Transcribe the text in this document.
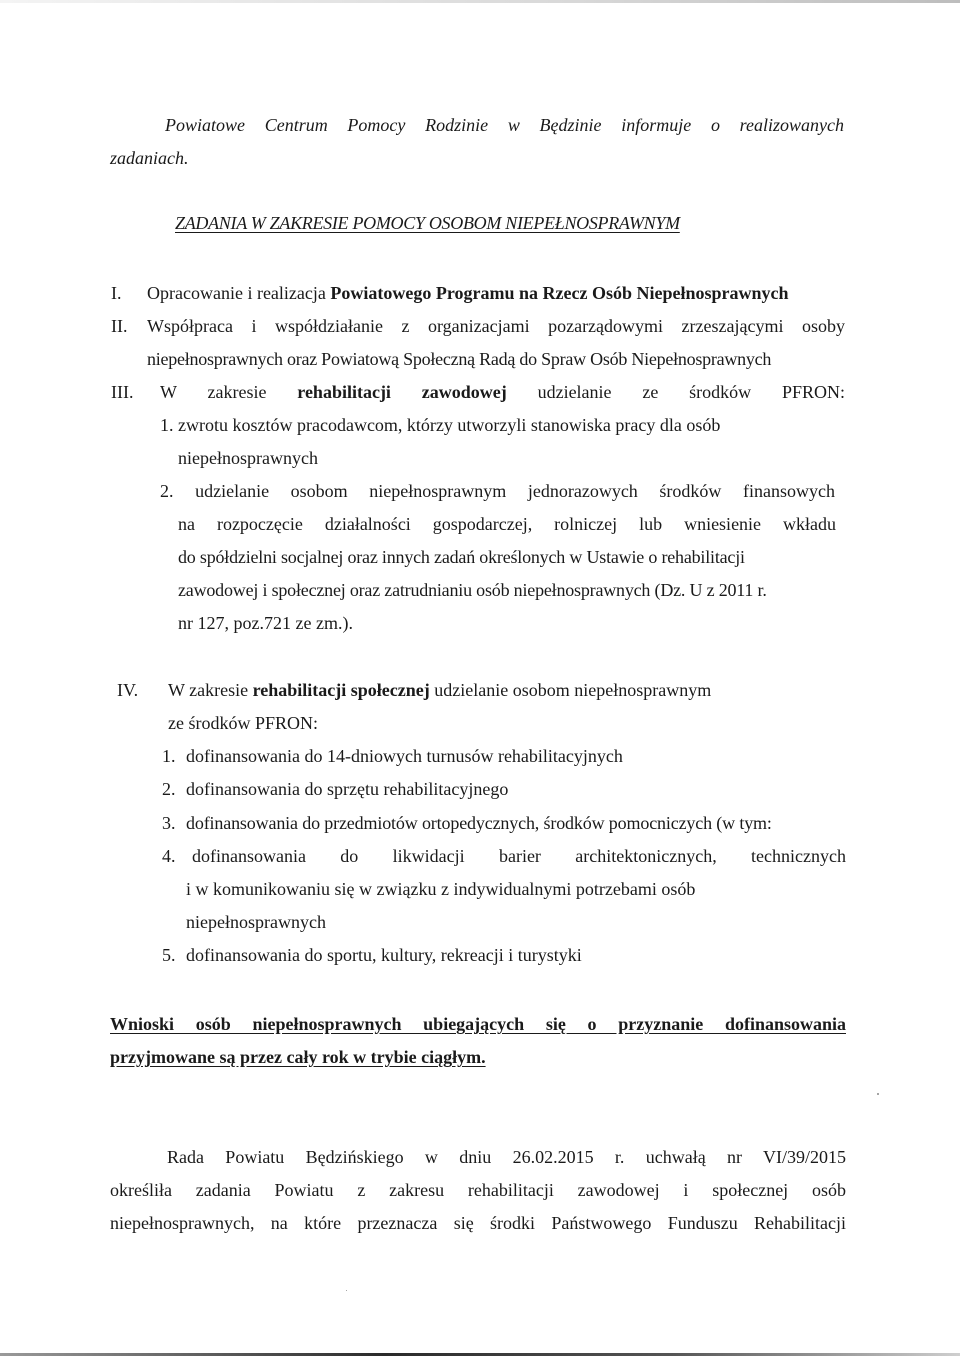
Powiatowe Centrum Pomocy Rodzinie w Będzinie informuje o realizowanych
zadaniach.
ZADANIA W ZAKRESIE POMOCY OSOBOM NIEPEŁNOSPRAWNYM
I. Opracowanie i realizacja Powiatowego Programu na Rzecz Osób Niepełnosprawnych
II. Współpraca i współdziałanie z organizacjami pozarządowymi zrzeszającymi osoby
niepełnosprawnych oraz Powiatową Społeczną Radą do Spraw Osób Niepełnosprawnych
III. W zakresie rehabilitacji zawodowej udzielanie ze środków PFRON:
1. zwrotu kosztów pracodawcom, którzy utworzyli stanowiska pracy dla osób
niepełnosprawnych
2. udzielanie osobom niepełnosprawnym jednorazowych środków finansowych
na rozpoczęcie działalności gospodarczej, rolniczej lub wniesienie wkładu
do spółdzielni socjalnej oraz innych zadań określonych w Ustawie o rehabilitacji
zawodowej i społecznej oraz zatrudnianiu osób niepełnosprawnych (Dz. U z 2011 r.
nr 127, poz.721 ze zm.).
IV. W zakresie rehabilitacji społecznej udzielanie osobom niepełnosprawnym
ze środków PFRON:
1. dofinansowania do 14-dniowych turnusów rehabilitacyjnych
2. dofinansowania do sprzętu rehabilitacyjnego
3. dofinansowania do przedmiotów ortopedycznych, środków pomocniczych (w tym:
4. dofinansowania do likwidacji barier architektonicznych, technicznych
i w komunikowaniu się w związku z indywidualnymi potrzebami osób
niepełnosprawnych
5. dofinansowania do sportu, kultury, rekreacji i turystyki
Wnioski osób niepełnosprawnych ubiegających się o przyznanie dofinansowania
przyjmowane są przez cały rok w trybie ciągłym.
Rada Powiatu Będzińskiego w dniu 26.02.2015 r. uchwałą nr VI/39/2015
określiła zadania Powiatu z zakresu rehabilitacji zawodowej i społecznej osób
niepełnosprawnych, na które przeznacza się środki Państwowego Funduszu Rehabilitacji
